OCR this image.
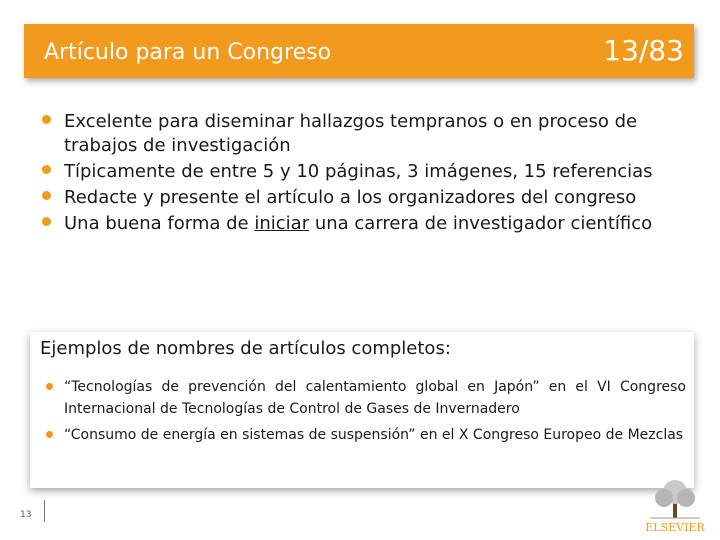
Artículo para un Congreso	13/83
Excelente para diseminar hallazgos tempranos o en proceso de trabajos de investigación
Típicamente de entre 5 y 10 páginas, 3 imágenes, 15 referencias
Redacte y presente el artículo a los organizadores del congreso
Una buena forma de iniciar una carrera de investigador científico
Ejemplos de nombres de artículos completos:
“Tecnologías de prevención del calentamiento global en Japón” en el VI Congreso Internacional de Tecnologías de Control de Gases de Invernadero
“Consumo de energía en sistemas de suspensión” en el X Congreso Europeo de Mezclas
13
ELSEVIER
